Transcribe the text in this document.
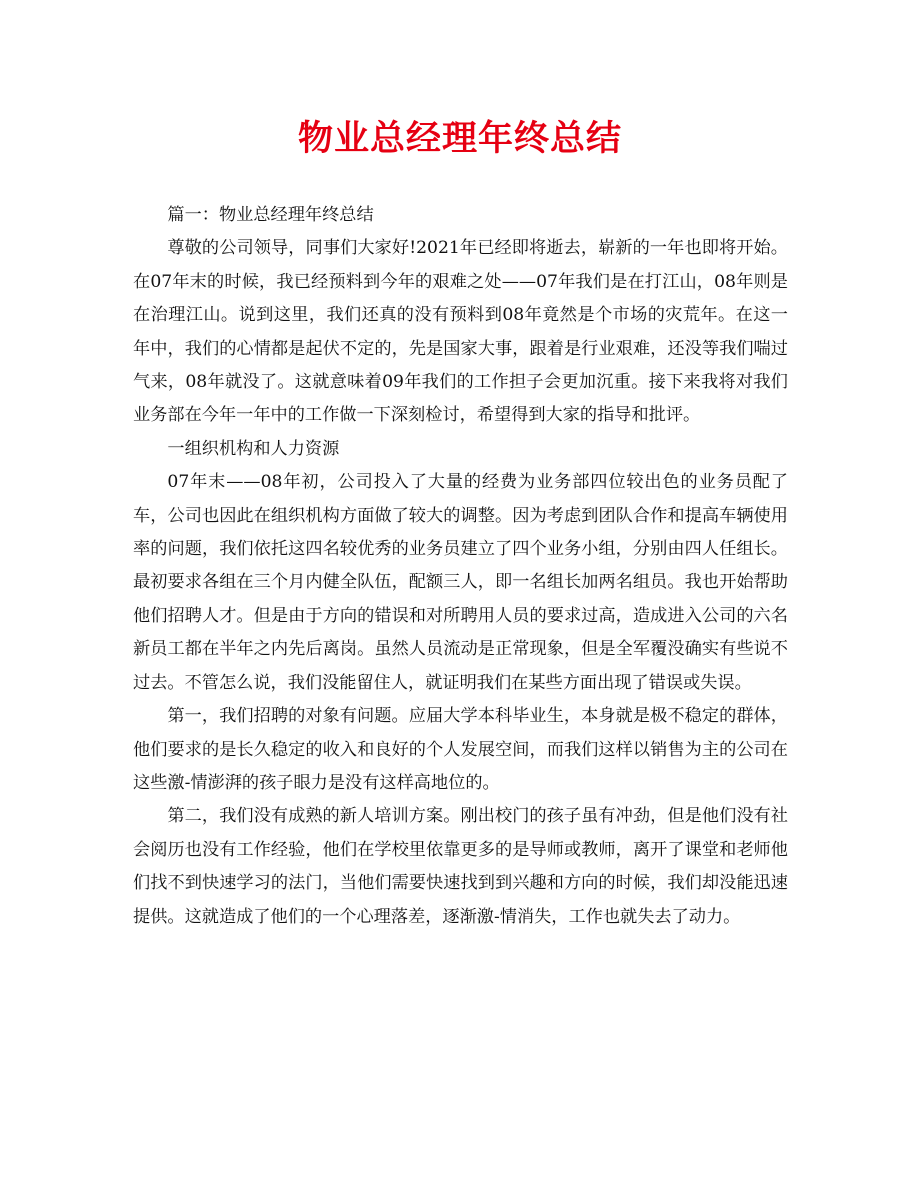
物业总经理年终总结

篇一：物业总经理年终总结

尊敬的公司领导，同事们大家好!2021年已经即将逝去，崭新的一年也即将开始。在07年末的时候，我已经预料到今年的艰难之处——07年我们是在打江山，08年则是在治理江山。说到这里，我们还真的没有预料到08年竟然是个市场的灾荒年。在这一年中，我们的心情都是起伏不定的，先是国家大事，跟着是行业艰难，还没等我们喘过气来，08年就没了。这就意味着09年我们的工作担子会更加沉重。接下来我将对我们业务部在今年一年中的工作做一下深刻检讨，希望得到大家的指导和批评。

一组织机构和人力资源

07年末——08年初，公司投入了大量的经费为业务部四位较出色的业务员配了车，公司也因此在组织机构方面做了较大的调整。因为考虑到团队合作和提高车辆使用率的问题，我们依托这四名较优秀的业务员建立了四个业务小组，分别由四人任组长。最初要求各组在三个月内健全队伍，配额三人，即一名组长加两名组员。我也开始帮助他们招聘人才。但是由于方向的错误和对所聘用人员的要求过高，造成进入公司的六名新员工都在半年之内先后离岗。虽然人员流动是正常现象，但是全军覆没确实有些说不过去。不管怎么说，我们没能留住人，就证明我们在某些方面出现了错误或失误。

第一，我们招聘的对象有问题。应届大学本科毕业生，本身就是极不稳定的群体，他们要求的是长久稳定的收入和良好的个人发展空间，而我们这样以销售为主的公司在这些激-情澎湃的孩子眼力是没有这样高地位的。

第二，我们没有成熟的新人培训方案。刚出校门的孩子虽有冲劲，但是他们没有社会阅历也没有工作经验，他们在学校里依靠更多的是导师或教师，离开了课堂和老师他们找不到快速学习的法门，当他们需要快速找到到兴趣和方向的时候，我们却没能迅速提供。这就造成了他们的一个心理落差，逐渐激-情消失，工作也就失去了动力。
